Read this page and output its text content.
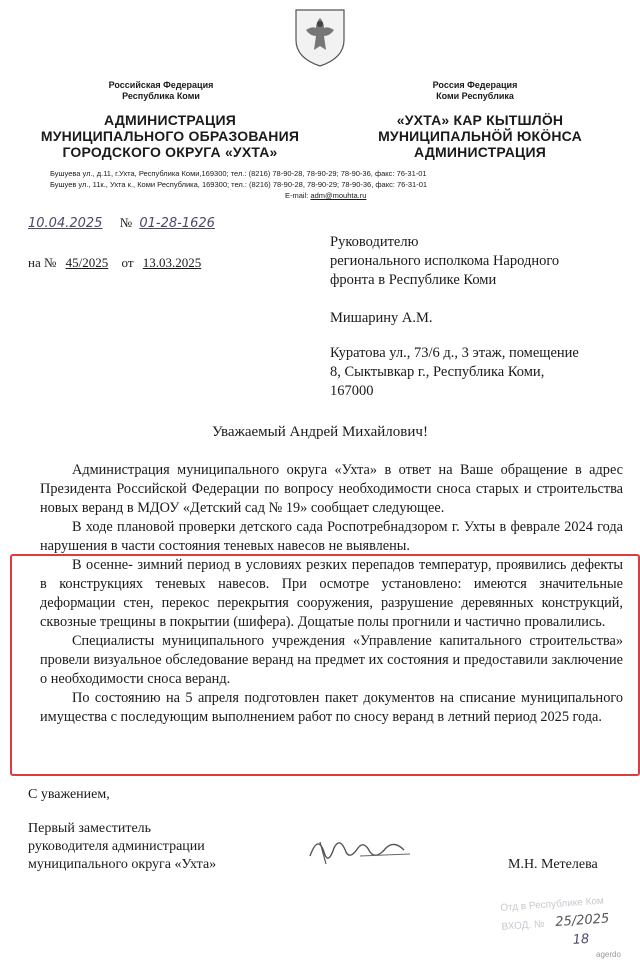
Российская Федерация
Республика Коми
АДМИНИСТРАЦИЯ
МУНИЦИПАЛЬНОГО ОБРАЗОВАНИЯ
ГОРОДСКОГО ОКРУГА «УХТА»
Россия Федерация
Коми Республика
«УХТА» КАР КЫТШЛÖН
МУНИЦИПАЛЬНÖЙ ЮКÖНСА
АДМИНИСТРАЦИЯ
Бушуева ул., д.11, г.Ухта, Республика Коми,169300; тел.: (8216) 78-90-28, 78-90-29; 78-90-36, факс: 76-31-01
Бушуев ул., 11к., Ухта к., Коми Республика, 169300; тел.: (8216) 78-90-28, 78-90-29; 78-90-36, факс: 76-31-01
E-mail: adm@mouhta.ru
10.04.2025 № 01-28-1626
на № 45/2025 от 13.03.2025
Руководителю
регионального исполкома Народного
фронта в Республике Коми
Мишарину А.М.
Куратова ул., 73/6 д., 3 этаж, помещение
8, Сыктывкар г., Республика Коми,
167000
Уважаемый Андрей Михайлович!

Администрация муниципального округа «Ухта» в ответ на Ваше обращение в адрес Президента Российской Федерации по вопросу необходимости сноса старых и строительства новых веранд в МДОУ «Детский сад № 19» сообщает следующее.

В ходе плановой проверки детского сада Роспотребнадзором г. Ухты в феврале 2024 года нарушения в части состояния теневых навесов не выявлены.

В осенне- зимний период в условиях резких перепадов температур, проявились дефекты в конструкциях теневых навесов. При осмотре установлено: имеются значительные деформации стен, перекос перекрытия сооружения, разрушение деревянных конструкций, сквозные трещины в покрытии (шифера). Дощатые полы прогнили и частично провалились.

Специалисты муниципального учреждения «Управление капитального строительства» провели визуальное обследование веранд на предмет их состояния и предоставили заключение о необходимости сноса веранд.

По состоянию на 5 апреля подготовлен пакет документов на списание муниципального имущества с последующим выполнением работ по сносу веранд в летний период 2025 года.

С уважением,
Первый заместитель
руководителя администрации
муниципального округа «Ухта»	М.Н. Метелева
Отд в Республике Ком
ВХОД. № 25/2025
18
agerdo
